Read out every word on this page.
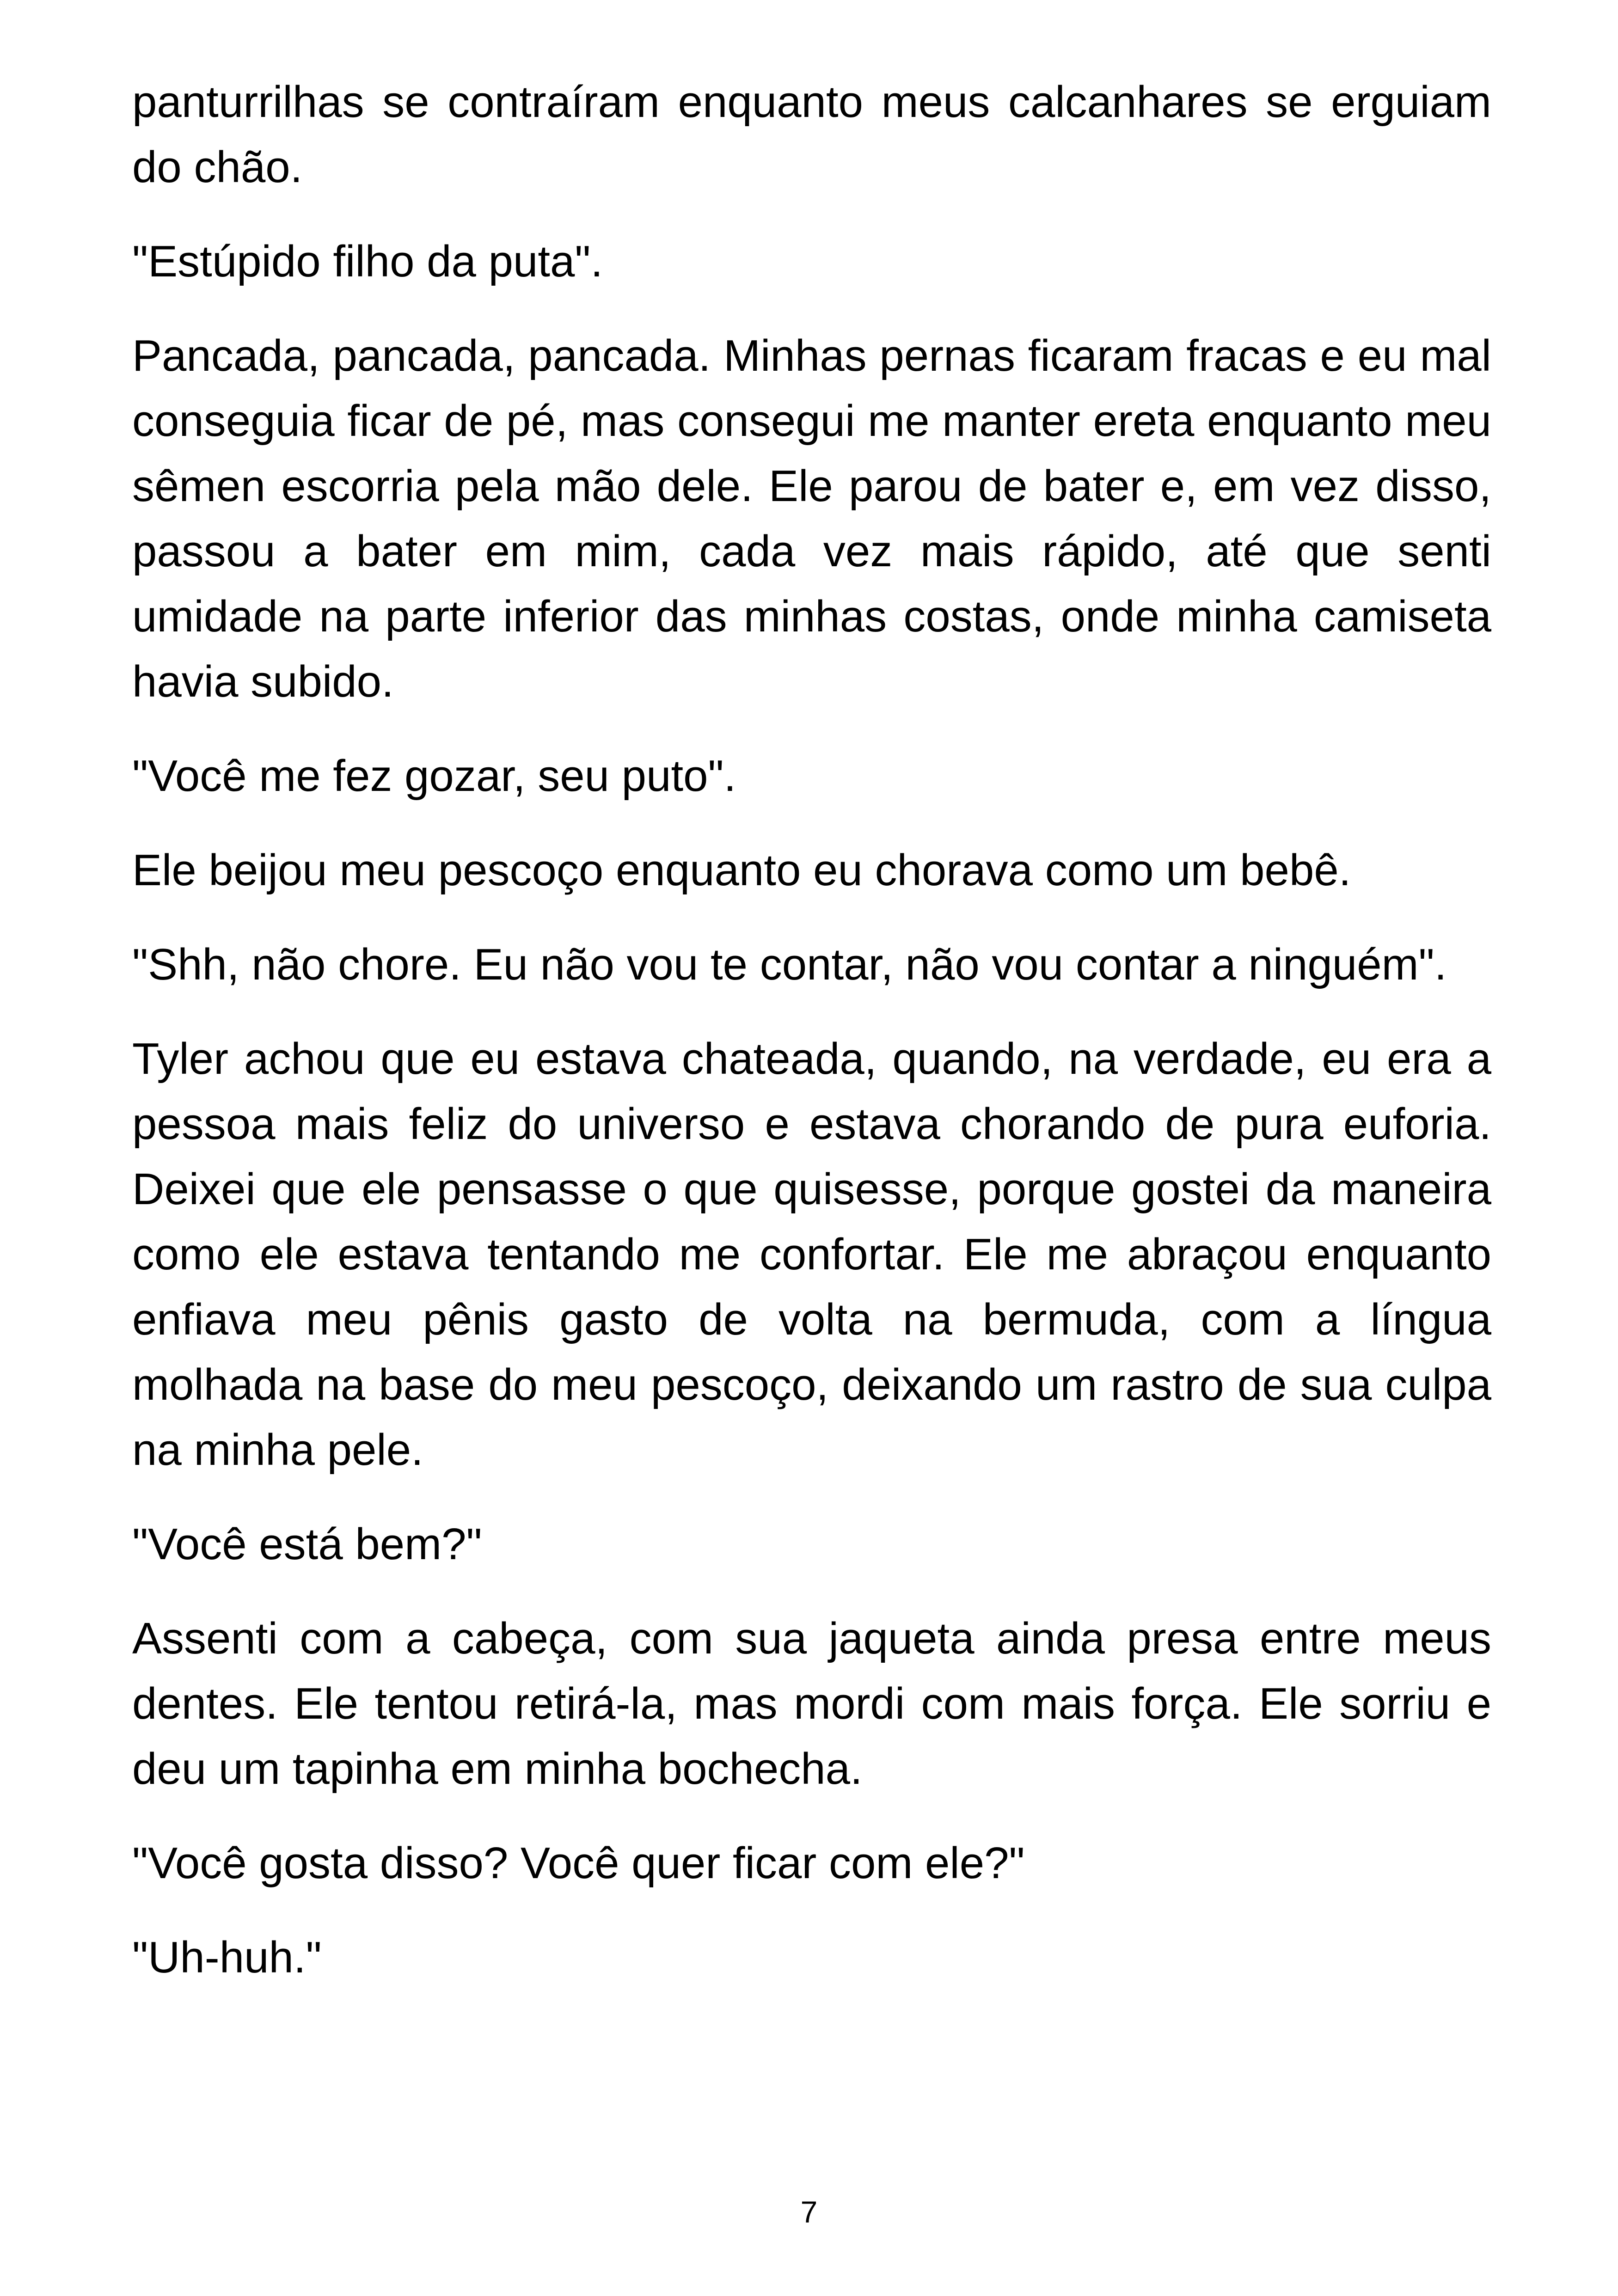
panturrilhas se contraíram enquanto meus calcanhares se erguiam do chão.

"Estúpido filho da puta".

Pancada, pancada, pancada. Minhas pernas ficaram fracas e eu mal conseguia ficar de pé, mas consegui me manter ereta enquanto meu sêmen escorria pela mão dele. Ele parou de bater e, em vez disso, passou a bater em mim, cada vez mais rápido, até que senti umidade na parte inferior das minhas costas, onde minha camiseta havia subido.

"Você me fez gozar, seu puto".

Ele beijou meu pescoço enquanto eu chorava como um bebê.

"Shh, não chore. Eu não vou te contar, não vou contar a ninguém".

Tyler achou que eu estava chateada, quando, na verdade, eu era a pessoa mais feliz do universo e estava chorando de pura euforia. Deixei que ele pensasse o que quisesse, porque gostei da maneira como ele estava tentando me confortar. Ele me abraçou enquanto enfiava meu pênis gasto de volta na bermuda, com a língua molhada na base do meu pescoço, deixando um rastro de sua culpa na minha pele.

"Você está bem?"

Assenti com a cabeça, com sua jaqueta ainda presa entre meus dentes. Ele tentou retirá-la, mas mordi com mais força. Ele sorriu e deu um tapinha em minha bochecha.

"Você gosta disso? Você quer ficar com ele?"

"Uh-huh."

7
